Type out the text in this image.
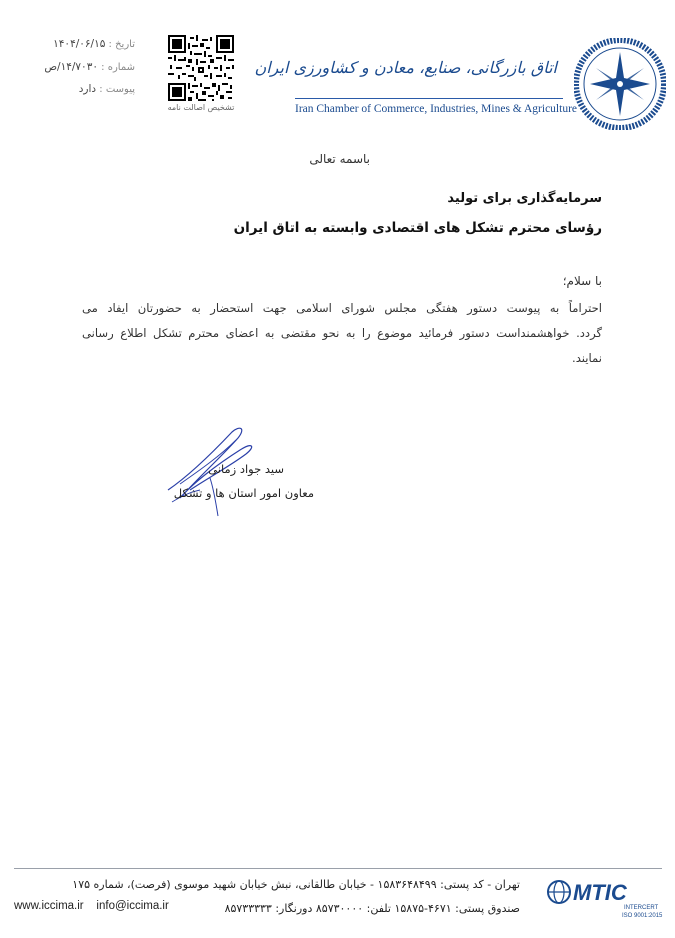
تاریخ : ۱۴۰۴/۰۶/۱۵
شماره : ۱۴/۷۰۳۰/ص
پیوست : دارد
تشخیص اصالت نامه
اتاق بازرگانی، صنایع، معادن و کشاورزی ایران
Iran Chamber of Commerce, Industries, Mines & Agriculture
باسمه تعالی
سرمایه‌گذاری برای تولید
رؤسای محترم تشکل های اقتصادی وابسته به اتاق ایران
با سلام؛
احتراماً به پیوست دستور هفتگی مجلس شورای اسلامی جهت استحضار به حضورتان ایفاد می
گردد. خواهشمنداست دستور فرمائید موضوع را به نحو مقتضی به اعضای محترم تشکل اطلاع رسانی
نمایند.
سید جواد زمانی
معاون امور استان ها و تشکل
تهران - کد پستی: ۱۵۸۳۶۴۸۴۹۹ - خیابان طالقانی، نبش خیابان شهید موسوی (فرصت)، شماره ۱۷۵
صندوق پستی: ۴۶۷۱-۱۵۸۷۵ تلفن: ۸۵۷۳۰۰۰۰ دورنگار: ۸۵۷۳۳۳۳۳
www.iccima.ir info@iccima.ir
MTIC
INTERCERT
ISO 9001:2015
